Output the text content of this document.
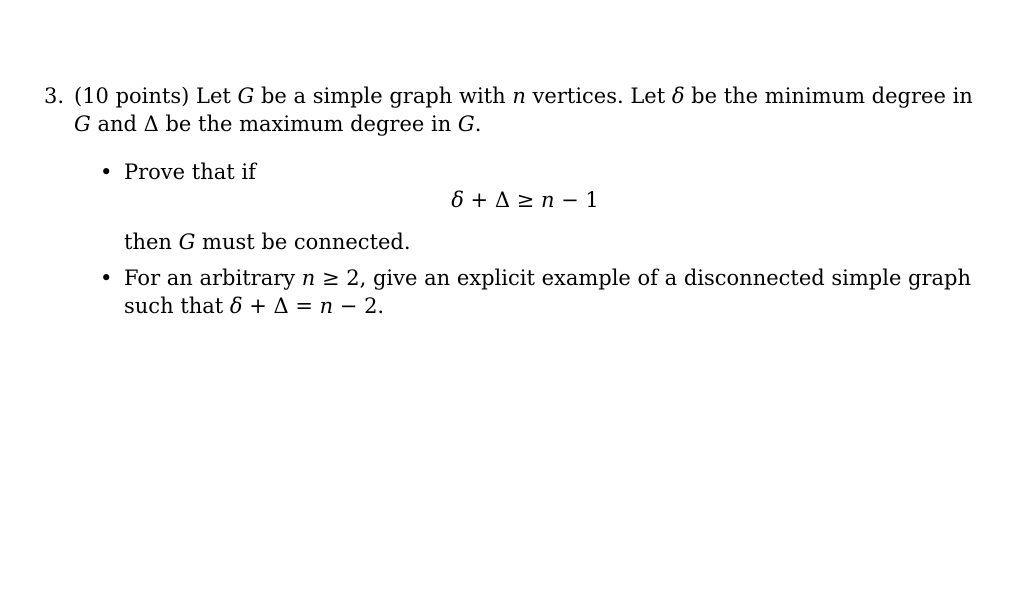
3. (10 points) Let G be a simple graph with n vertices. Let δ be the minimum degree in
G and Δ be the maximum degree in G.
• Prove that if
δ + Δ ≥ n − 1
then G must be connected.
• For an arbitrary n ≥ 2, give an explicit example of a disconnected simple graph
such that δ + Δ = n − 2.
